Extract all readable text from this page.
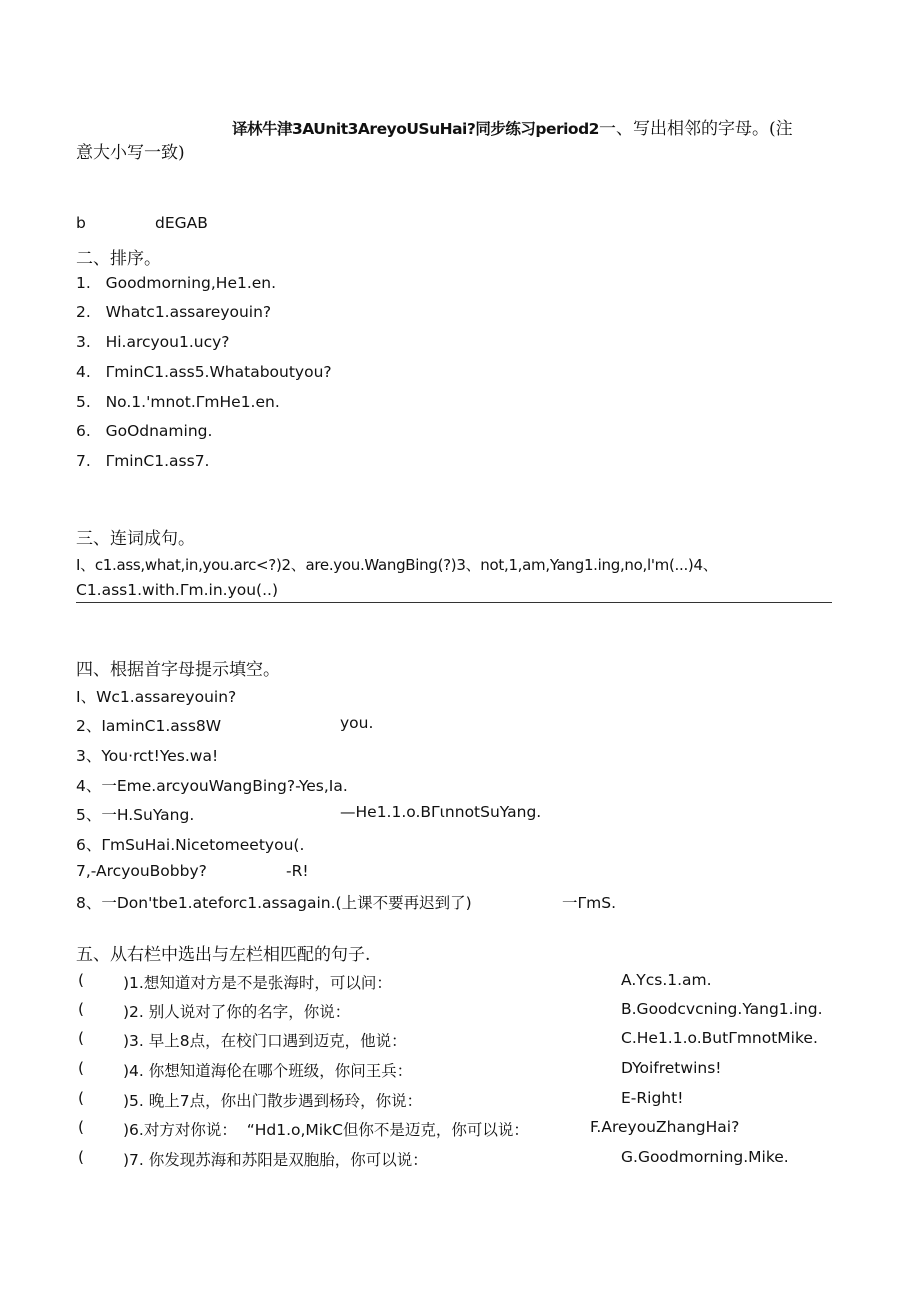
译林牛津3AUnit3AreyoUSuHai?同步练习period2一、写出相邻的字母。(注
意大小写一致)
b	dEGAB
二、排序。
1.   Goodmorning,He1.en.
2.   Whatc1.assareyouin?
3.   Hi.arcyou1.ucy?
4.   ΓminC1.ass5.Whataboutyou?
5.   No.1.'mnot.ΓmHe1.en.
6.   GoOdnaming.
7.   ΓminC1.ass7.
三、连词成句。
I、c1.ass,what,in,you.arc<?)2、are.you.WangBing(?)3、not,1,am,Yang1.ing,no,l'm(...)4、
C1.ass1.with.Γm.in.you(..)
四、根据首字母提示填空。
I、Wc1.assareyouin?
2、IaminC1.ass8W	you.
3、You·rct!Yes.wa!
4、一Eme.arcyouWangBing?-Yes,Ia.
5、一H.SuYang.	—He1.1.o.BΓιnnotSuYang.
6、ΓmSuHai.Nicetomeetyou(.
7,-ArcyouBobby?	-R!
8、一Don'tbe1.ateforc1.assagain.(上课不要再迟到了)	一ΓmS.
五、从右栏中选出与左栏相匹配的句子.
(	)1.想知道对方是不是张海时，可以问：	A.Ycs.1.am.
(	)2. 别人说对了你的名字，你说：	B.Goodcvcning.Yang1.ing.
(	)3. 早上8点，在校门口遇到迈克，他说：	C.He1.1.o.ButΓmnotMike.
(	)4. 你想知道海伦在哪个班级，你问王兵：	DYoifretwins!
(	)5. 晚上7点，你出门散步遇到杨玲，你说：	E-Right!
(	)6.对方对你说：  “Hd1.o,MikC但你不是迈克，你可以说：	F.AreyouZhangHai?
(	)7. 你发现苏海和苏阳是双胞胎，你可以说：	G.Goodmorning.Mike.
